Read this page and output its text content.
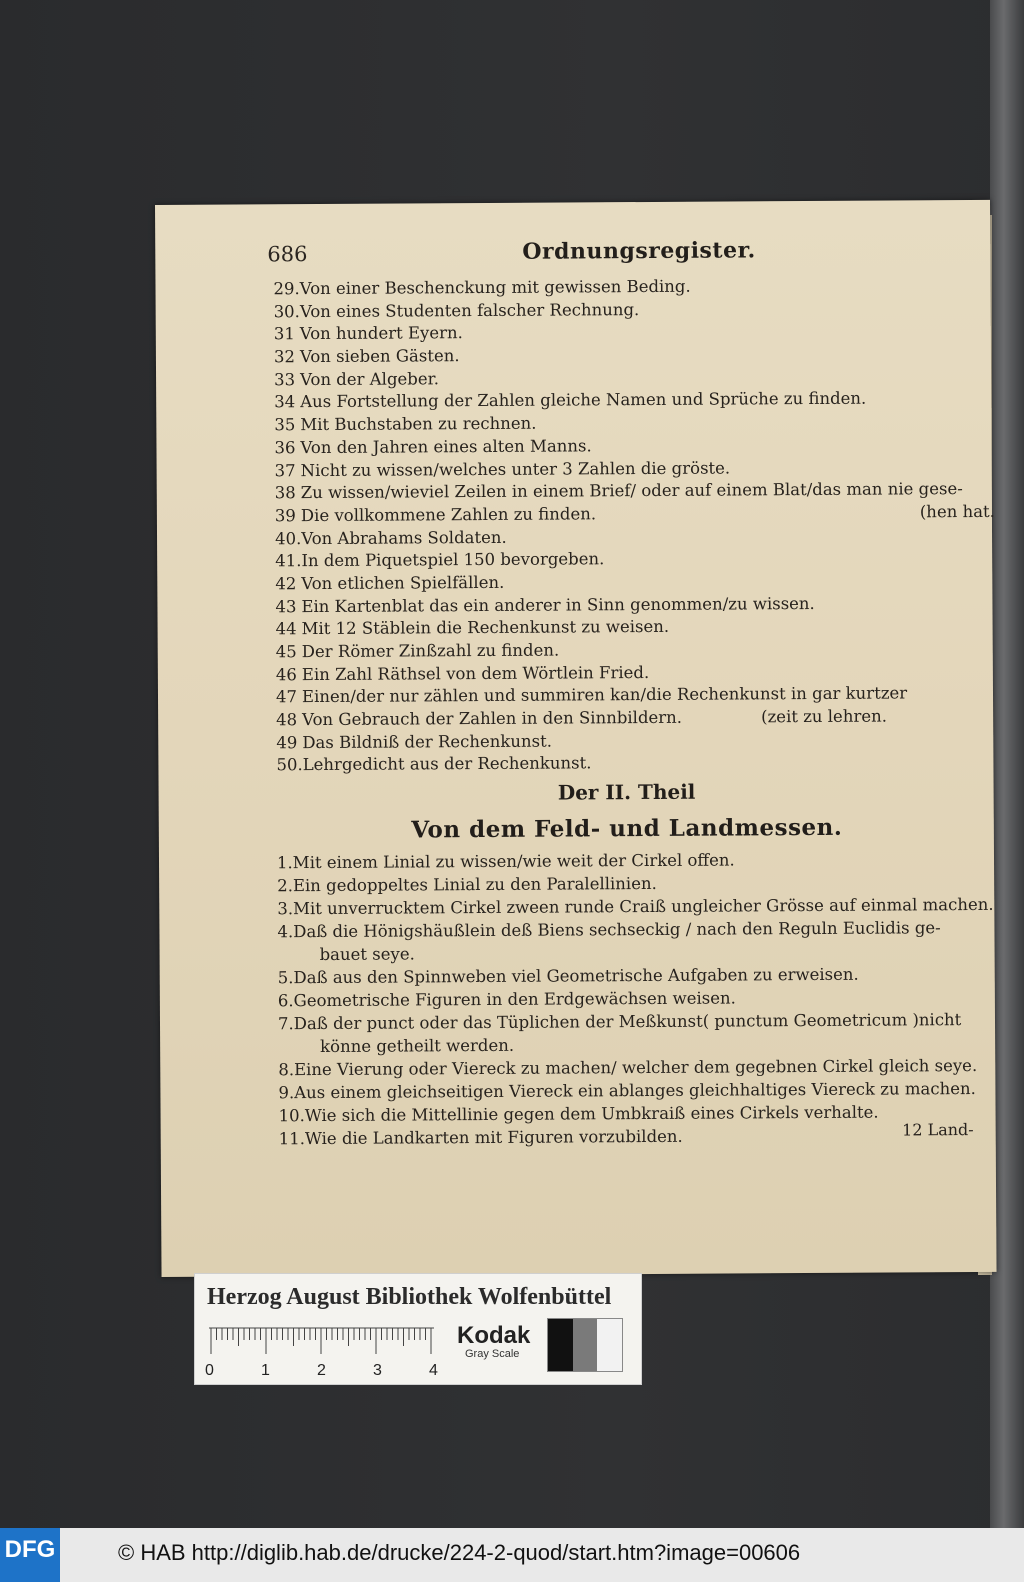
686	Ordnungsregister.
29.Von einer Beschenckung mit gewissen Beding.
30.Von eines Studenten falscher Rechnung.
31 Von hundert Eyern.
32 Von sieben Gästen.
33 Von der Algeber.
34 Aus Fortstellung der Zahlen gleiche Namen und Sprüche zu finden.
35 Mit Buchstaben zu rechnen.
36 Von den Jahren eines alten Manns.
37 Nicht zu wissen/welches unter 3 Zahlen die gröste.
38 Zu wissen/wieviel Zeilen in einem Brief/ oder auf einem Blat/das man nie gese-
39 Die vollkommene Zahlen zu finden.	(hen hat.
40.Von Abrahams Soldaten.
41.In dem Piquetspiel 150 bevorgeben.
42 Von etlichen Spielfällen.
43 Ein Kartenblat das ein anderer in Sinn genommen/zu wissen.
44 Mit 12 Stäblein die Rechenkunst zu weisen.
45 Der Römer Zinßzahl zu finden.
46 Ein Zahl Räthsel von dem Wörtlein Fried.
47 Einen/der nur zählen und summiren kan/die Rechenkunst in gar kurtzer
48 Von Gebrauch der Zahlen in den Sinnbildern.	(zeit zu lehren.
49 Das Bildniß der Rechenkunst.
50.Lehrgedicht aus der Rechenkunst.
Der II. Theil
Von dem Feld- und Landmessen.
1.Mit einem Linial zu wissen/wie weit der Cirkel offen.
2.Ein gedoppeltes Linial zu den Paralellinien.
3.Mit unverrucktem Cirkel zween runde Craiß ungleicher Grösse auf einmal machen.
4.Daß die Hönigshäußlein deß Biens sechseckig / nach den Reguln Euclidis ge-
bauet seye.
5.Daß aus den Spinnweben viel Geometrische Aufgaben zu erweisen.
6.Geometrische Figuren in den Erdgewächsen weisen.
7.Daß der punct oder das Tüplichen der Meßkunst( punctum Geometricum )nicht
könne getheilt werden.
8.Eine Vierung oder Viereck zu machen/ welcher dem gegebnen Cirkel gleich seye.
9.Aus einem gleichseitigen Viereck ein ablanges gleichhaltiges Viereck zu machen.
10.Wie sich die Mittellinie gegen dem Umbkraiß eines Cirkels verhalte.
11.Wie die Landkarten mit Figuren vorzubilden.	12 Land-
Herzog August Bibliothek Wolfenbüttel
0	1	2	3	4
Kodak
Gray Scale
DFG	© HAB http://diglib.hab.de/drucke/224-2-quod/start.htm?image=00606
